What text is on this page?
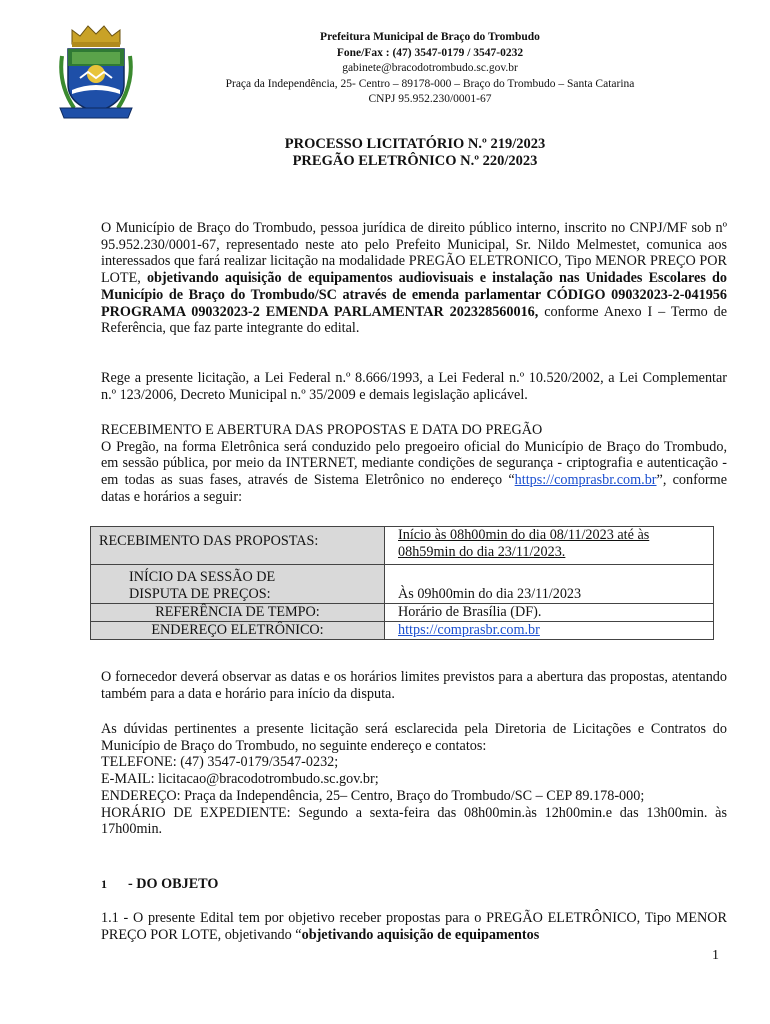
Prefeitura Municipal de Braço do Trombudo
Fone/Fax : (47) 3547-0179 / 3547-0232
gabinete@bracodotrombudo.sc.gov.br
Praça da Independência, 25- Centro – 89178-000 – Braço do Trombudo – Santa Catarina
CNPJ 95.952.230/0001-67
PROCESSO LICITATÓRIO N.º 219/2023
PREGÃO ELETRÔNICO N.º 220/2023
O Município de Braço do Trombudo, pessoa jurídica de direito público interno, inscrito no CNPJ/MF sob nº 95.952.230/0001-67, representado neste ato pelo Prefeito Municipal, Sr. Nildo Melmestet, comunica aos interessados que fará realizar licitação na modalidade PREGÃO ELETRONICO, Tipo MENOR PREÇO POR LOTE, objetivando aquisição de equipamentos audiovisuais e instalação nas Unidades Escolares do Município de Braço do Trombudo/SC através de emenda parlamentar CÓDIGO 09032023-2-041956 PROGRAMA 09032023-2 EMENDA PARLAMENTAR 202328560016, conforme Anexo I – Termo de Referência, que faz parte integrante do edital.
Rege a presente licitação, a Lei Federal n.º 8.666/1993, a Lei Federal n.º 10.520/2002, a Lei Complementar n.º 123/2006, Decreto Municipal n.º 35/2009 e demais legislação aplicável.
RECEBIMENTO E ABERTURA DAS PROPOSTAS E DATA DO PREGÃO
O Pregão, na forma Eletrônica será conduzido pelo pregoeiro oficial do Município de Braço do Trombudo, em sessão pública, por meio da INTERNET, mediante condições de segurança - criptografia e autenticação - em todas as suas fases, através de Sistema Eletrônico no endereço “https://comprasbr.com.br”, conforme datas e horários a seguir:
RECEBIMENTO DAS PROPOSTAS:	Início às 08h00min do dia 08/11/2023 até às
08h59min do dia 23/11/2023.

INÍCIO DA SESSÃO DE
DISPUTA DE PREÇOS:	Às 09h00min do dia 23/11/2023
REFERÊNCIA DE TEMPO:	Horário de Brasília (DF).
ENDEREÇO ELETRÔNICO:	https://comprasbr.com.br
O fornecedor deverá observar as datas e os horários limites previstos para a abertura das propostas, atentando também para a data e horário para início da disputa.
As dúvidas pertinentes a presente licitação será esclarecida pela Diretoria de Licitações e Contratos do Município de Braço do Trombudo, no seguinte endereço e contatos:
TELEFONE: (47) 3547-0179/3547-0232;
E-MAIL: licitacao@bracodotrombudo.sc.gov.br;
ENDEREÇO: Praça da Independência, 25– Centro, Braço do Trombudo/SC – CEP 89.178-000;
HORÁRIO DE EXPEDIENTE: Segundo a sexta-feira das 08h00min.às 12h00min.e das 13h00min. às 17h00min.
1 - DO OBJETO
1.1 - O presente Edital tem por objetivo receber propostas para o PREGÃO ELETRÔNICO, Tipo MENOR PREÇO POR LOTE, objetivando “objetivando aquisição de equipamentos
1
